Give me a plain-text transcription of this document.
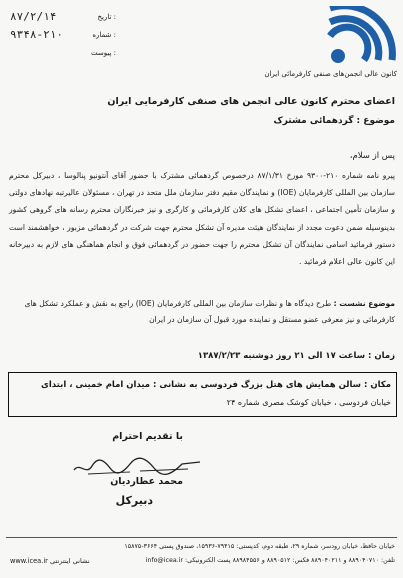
کانون عالی انجمن‌های صنفی کارفرمائی ایران
تاریخ :
۸۷/۲/۱۴
شماره :
۹۳۴۸-۲۱۰
پیوست :
اعضای محترم کانون عالی انجمن های صنفی کارفرمایی ایران
موضوع : گردهمائی مشترک
پس از سلام،
پیرو نامه شماره ۲۱۰-۹۳۰۰ مورخ ۸۷/۱/۳۱ درخصوص گردهمائی مشترک با حضور آقای آنتونیو پنالوسا ، دبیرکل محترم سازمان بین المللی کارفرمایان (IOE) و نمایندگان مقیم دفتر سازمان ملل متحد در تهران ، مسئولان عالیرتبه نهادهای دولتی و سازمان تأمین اجتماعی ، اعضای تشکل های کلان کارفرمائی و کارگری و نیز خبرنگاران محترم رسانه های گروهی کشور بدینوسیله ضمن دعوت مجدد از نمایندگان هیئت مدیره آن تشکل محترم جهت شرکت در گردهمائی مزبور ، خواهشمند است دستور فرمائید اسامی نمایندگان آن تشکل محترم را جهت حضور در گردهمائی فوق و انجام هماهنگی های لازم به دبیرخانه این کانون عالی اعلام فرمائید .
موضوع نشست : طرح دیدگاه ها و نظرات سازمان بین المللی کارفرمایان (IOE) راجع به نقش و عملکرد تشکل های کارفرمائی و نیز معرفی عضو مستقل و نماینده مورد قبول آن سازمان در ایران
زمان : ساعت ۱۷ الی ۲۱ روز دوشنبه ۱۳۸۷/۲/۲۳
مکان : سالن همایش های هتل بزرگ فردوسی به نشانی : میدان امام خمینی ، ابتدای
خیابان فردوسی ، خیابان کوشک مصری شماره ۲۴
با تقدیم احترام
محمد عطاردیان
دبیرکل
خیابان حافظ، خیابان رودسر، شماره ۲۹، طبقه دوم، کدپستی: ۷۹۴۱۵-۱۵۹۳۶، صندوق پستی ۳۶۶۴-۱۵۸۷۵
تلفن: ۸۸۹۰۴۰۷۱۰ و ۸۸۹۰۴۰۲۱۱ فکس: ۸۸۹۰۵۱۲ و ۸۸۹۸۴۵۵۶ پست الکترونیکی: info@icea.ir
www.icea.ir نشانی اینترنتی
